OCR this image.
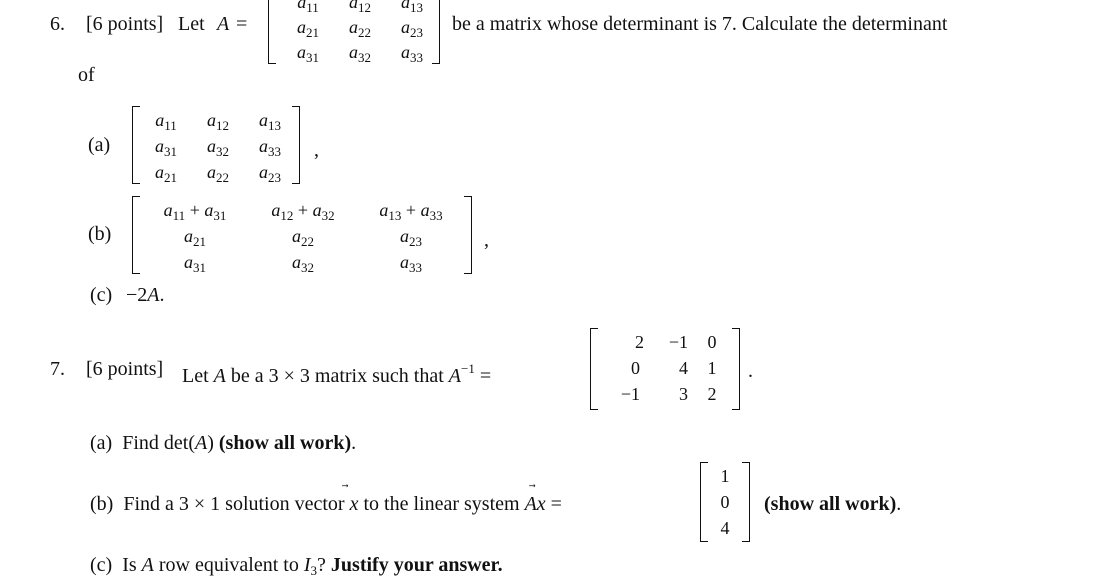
6. [6 points] Let A =
$a_{11}$	$a_{12}$	$a_{13}$
$a_{21}$	$a_{22}$	$a_{23}$
$a_{31}$	$a_{32}$	$a_{33}$
be a matrix whose determinant is 7. Calculate the determinant
of
(a)
$a_{11}$	$a_{12}$	$a_{13}$
$a_{31}$	$a_{32}$	$a_{33}$
$a_{21}$	$a_{22}$	$a_{23}$
,
(b)
$a_{11} + a_{31}$	$a_{12} + a_{32}$	$a_{13} + a_{33}$
$a_{21}$	$a_{22}$	$a_{23}$
$a_{31}$	$a_{32}$	$a_{33}$
,
(c) −2A.
7. [6 points] Let A be a 3 × 3 matrix such that $A^{-1}$ =
2	−1	0
0	4	1
−1	3	2
.
(a) Find det(A) (show all work).
(b) Find a 3 × 1 solution vector x to the linear system A
x =
1
0
4
(show all work).
(c) Is A row equivalent to $I_3$? Justify your answer.
